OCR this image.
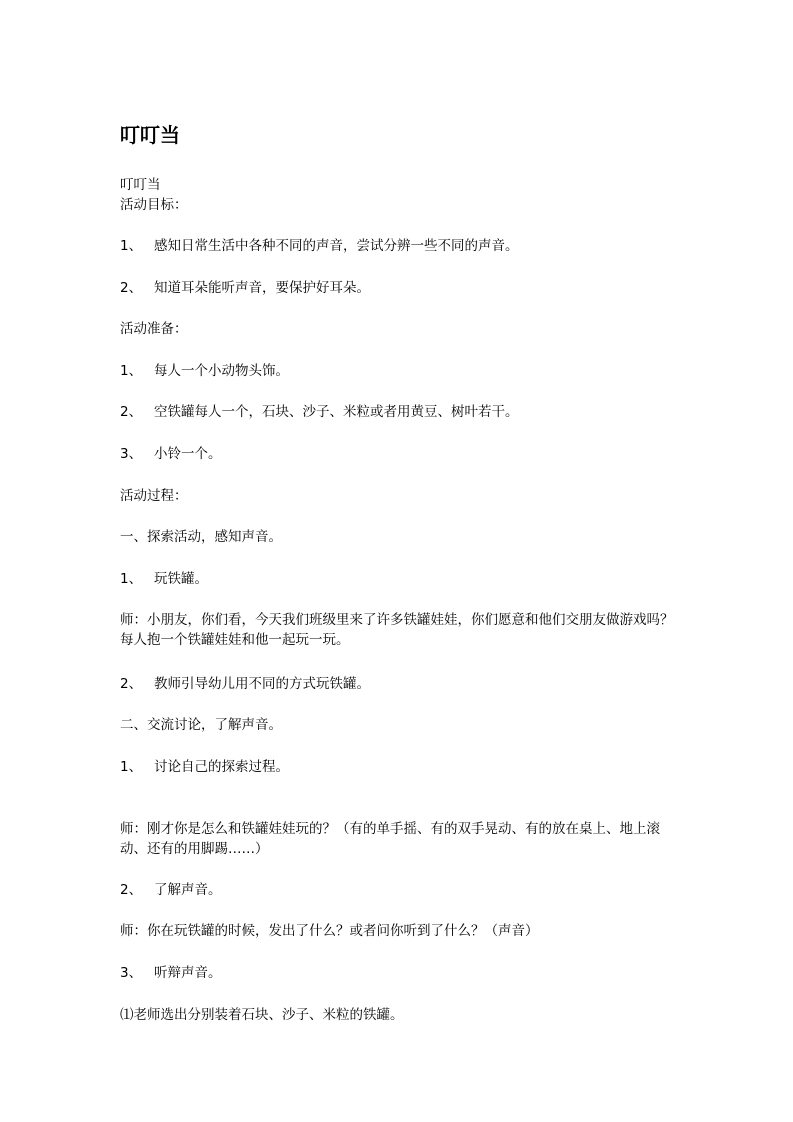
叮叮当

叮叮当

活动目标：

1、 感知日常生活中各种不同的声音，尝试分辨一些不同的声音。

2、 知道耳朵能听声音，要保护好耳朵。

活动准备：

1、 每人一个小动物头饰。

2、 空铁罐每人一个，石块、沙子、米粒或者用黄豆、树叶若干。

3、 小铃一个。

活动过程：

一、探索活动，感知声音。

1、 玩铁罐。

师：小朋友，你们看，今天我们班级里来了许多铁罐娃娃，你们愿意和他们交朋友做游戏吗？
每人抱一个铁罐娃娃和他一起玩一玩。

2、 教师引导幼儿用不同的方式玩铁罐。

二、交流讨论，了解声音。

1、 讨论自己的探索过程。

师：刚才你是怎么和铁罐娃娃玩的？（有的单手摇、有的双手晃动、有的放在桌上、地上滚
动、还有的用脚踢……）

2、 了解声音。

师：你在玩铁罐的时候，发出了什么？或者问你听到了什么？（声音）

3、 听辩声音。

⑴老师选出分别装着石块、沙子、米粒的铁罐。
